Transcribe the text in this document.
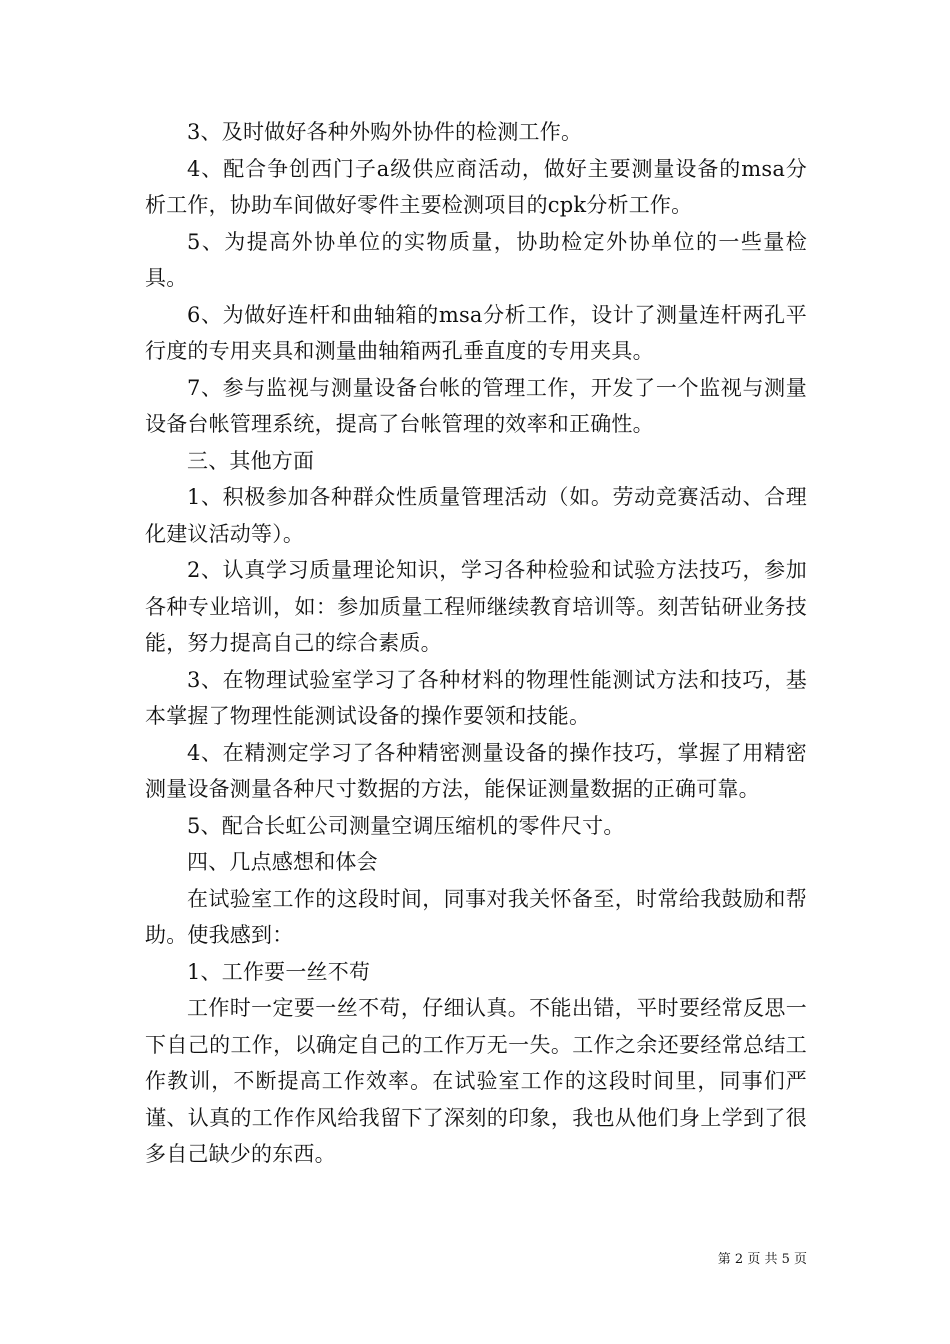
3、及时做好各种外购外协件的检测工作。

4、配合争创西门子a级供应商活动，做好主要测量设备的msa分析工作，协助车间做好零件主要检测项目的cpk分析工作。

5、为提高外协单位的实物质量，协助检定外协单位的一些量检具。

6、为做好连杆和曲轴箱的msa分析工作，设计了测量连杆两孔平行度的专用夹具和测量曲轴箱两孔垂直度的专用夹具。

7、参与监视与测量设备台帐的管理工作，开发了一个监视与测量设备台帐管理系统，提高了台帐管理的效率和正确性。

三、其他方面

1、积极参加各种群众性质量管理活动（如。劳动竞赛活动、合理化建议活动等）。

2、认真学习质量理论知识，学习各种检验和试验方法技巧，参加各种专业培训，如：参加质量工程师继续教育培训等。刻苦钻研业务技能，努力提高自己的综合素质。

3、在物理试验室学习了各种材料的物理性能测试方法和技巧，基本掌握了物理性能测试设备的操作要领和技能。

4、在精测定学习了各种精密测量设备的操作技巧，掌握了用精密测量设备测量各种尺寸数据的方法，能保证测量数据的正确可靠。

5、配合长虹公司测量空调压缩机的零件尺寸。

四、几点感想和体会

在试验室工作的这段时间，同事对我关怀备至，时常给我鼓励和帮助。使我感到：

1、工作要一丝不苟

工作时一定要一丝不苟，仔细认真。不能出错，平时要经常反思一下自己的工作，以确定自己的工作万无一失。工作之余还要经常总结工作教训，不断提高工作效率。在试验室工作的这段时间里，同事们严谨、认真的工作作风给我留下了深刻的印象，我也从他们身上学到了很多自己缺少的东西。

第 2 页 共 5 页
